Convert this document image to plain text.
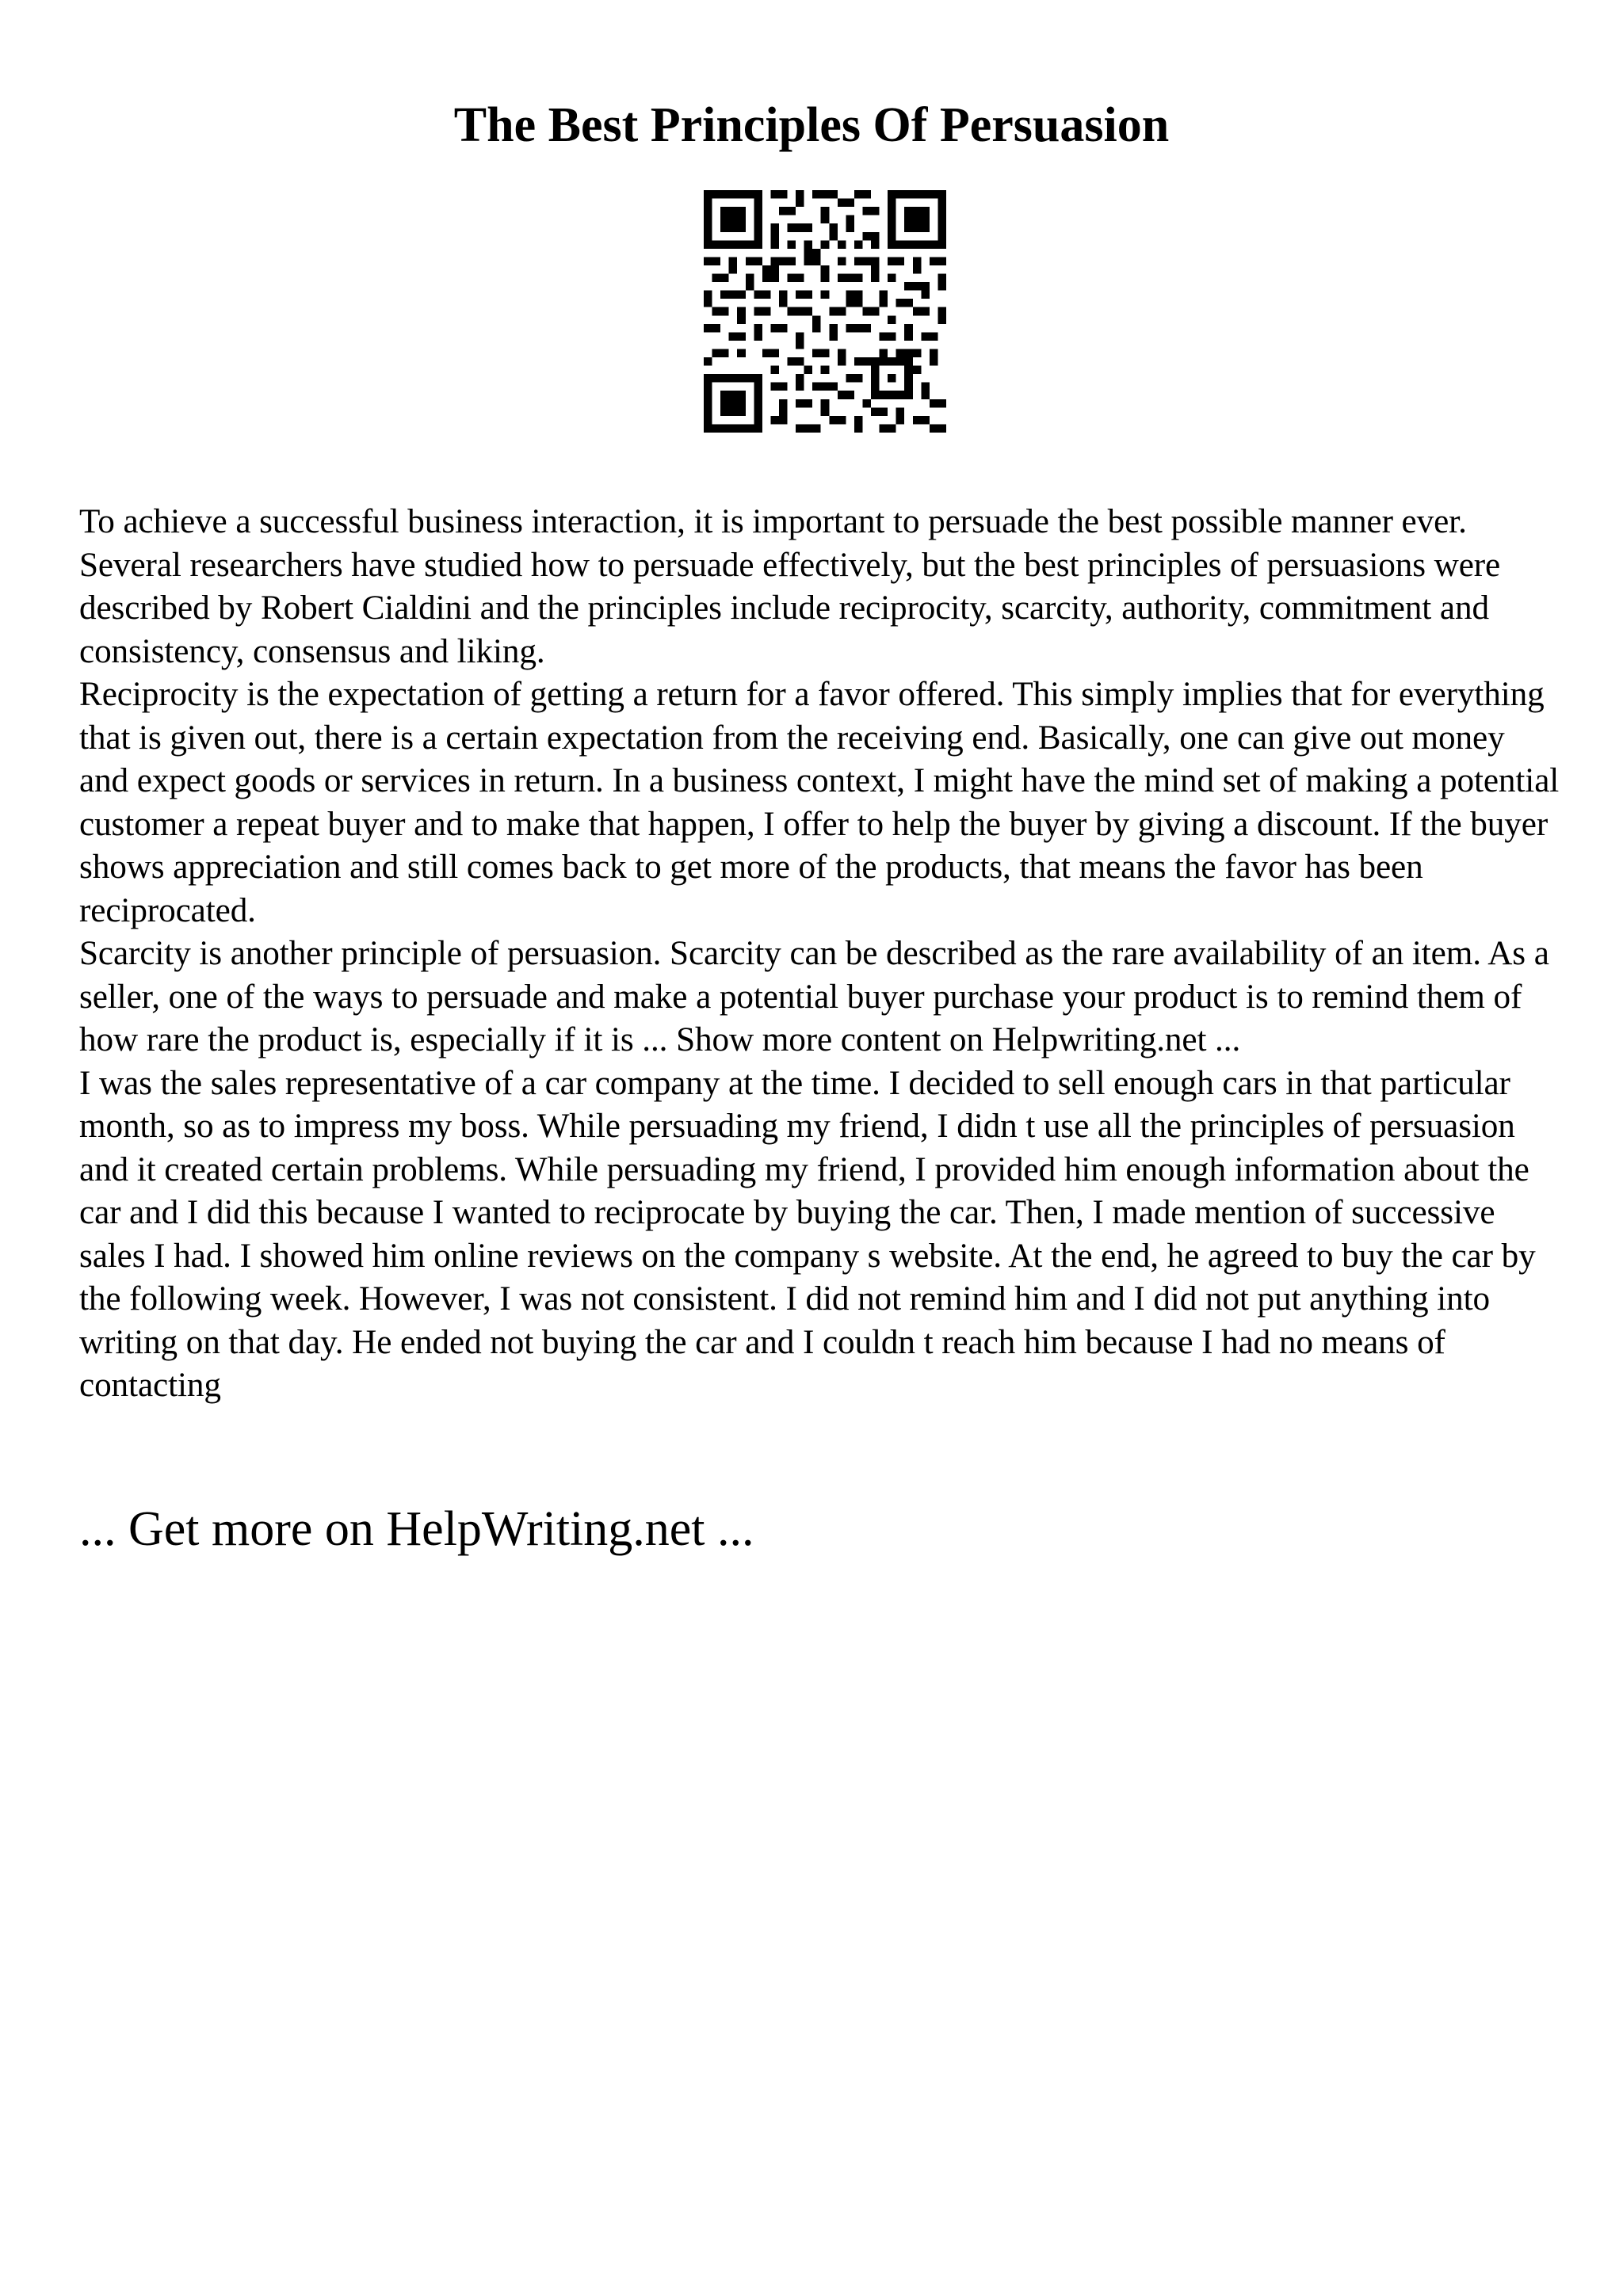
The Best Principles Of Persuasion

To achieve a successful business interaction, it is important to persuade the best possible manner ever. Several researchers have studied how to persuade effectively, but the best principles of persuasions were described by Robert Cialdini and the principles include reciprocity, scarcity, authority, commitment and consistency, consensus and liking.

Reciprocity is the expectation of getting a return for a favor offered. This simply implies that for everything that is given out, there is a certain expectation from the receiving end. Basically, one can give out money and expect goods or services in return. In a business context, I might have the mind set of making a potential customer a repeat buyer and to make that happen, I offer to help the buyer by giving a discount. If the buyer shows appreciation and still comes back to get more of the products, that means the favor has been reciprocated.

Scarcity is another principle of persuasion. Scarcity can be described as the rare availability of an item. As a seller, one of the ways to persuade and make a potential buyer purchase your product is to remind them of how rare the product is, especially if it is ... Show more content on Helpwriting.net ...

I was the sales representative of a car company at the time. I decided to sell enough cars in that particular month, so as to impress my boss. While persuading my friend, I didn t use all the principles of persuasion and it created certain problems. While persuading my friend, I provided him enough information about the car and I did this because I wanted to reciprocate by buying the car. Then, I made mention of successive sales I had. I showed him online reviews on the company s website. At the end, he agreed to buy the car by the following week. However, I was not consistent. I did not remind him and I did not put anything into writing on that day. He ended not buying the car and I couldn t reach him because I had no means of contacting

... Get more on HelpWriting.net ...
